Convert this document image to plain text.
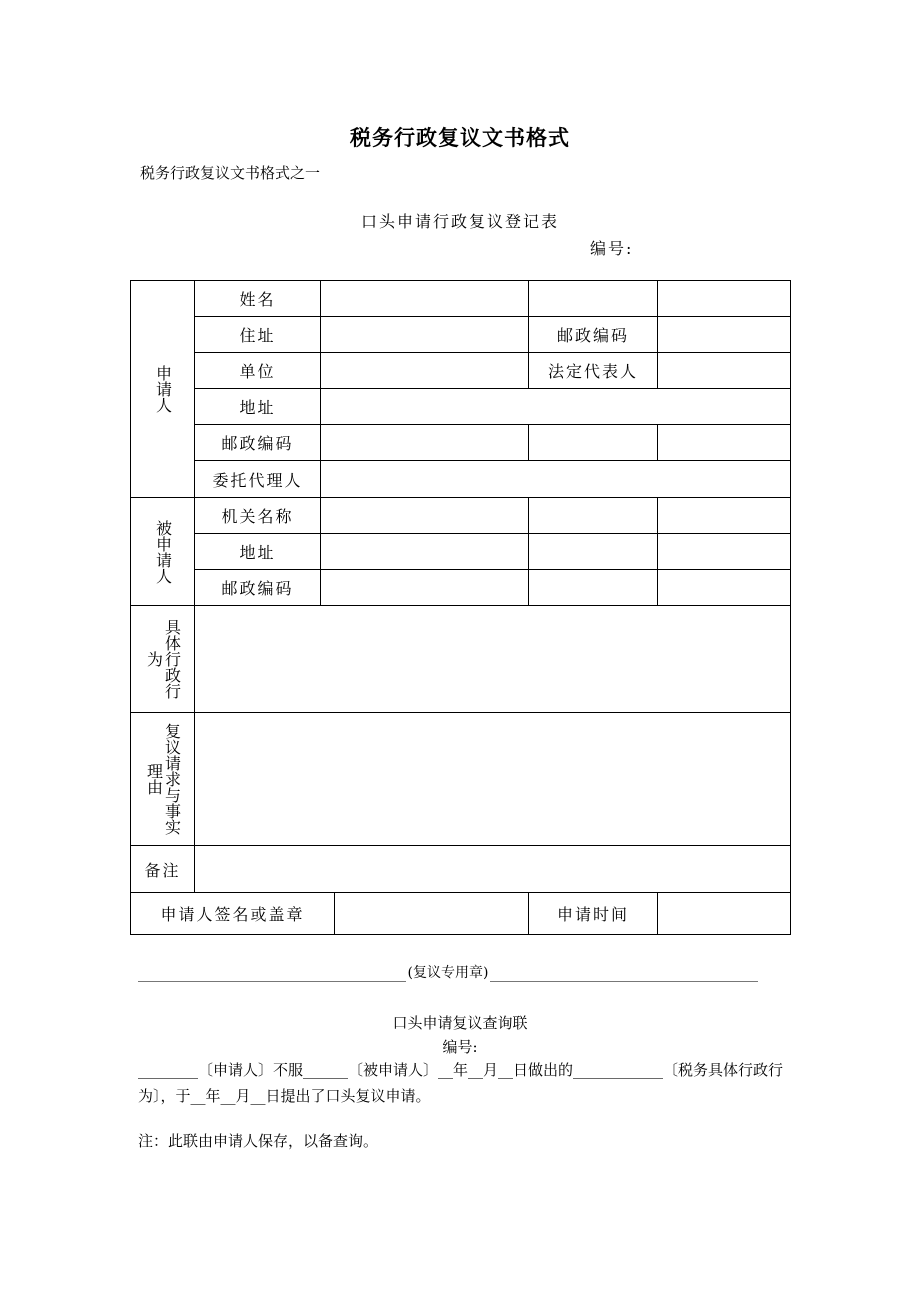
税务行政复议文书格式
税务行政复议文书格式之一
口头申请行政复议登记表
编号:
申请人	姓名				
	住址			邮政编码	
	单位			法定代表人	
	地址				
	邮政编码				
	委托代理人				

被申请人	机关名称				
	地址				
	邮政编码				

具体行政行为					

复议请求与事实理由					

备注					
申请人签名或盖章				申请时间	
(复议专用章)
口头申请复议查询联
编号:
________〔申请人〕不服______〔被申请人〕__年__月__日做出的____________〔税务具体行政行为〕，于__年__月__日提出了口头复议申请。
注：此联由申请人保存，以备查询。
